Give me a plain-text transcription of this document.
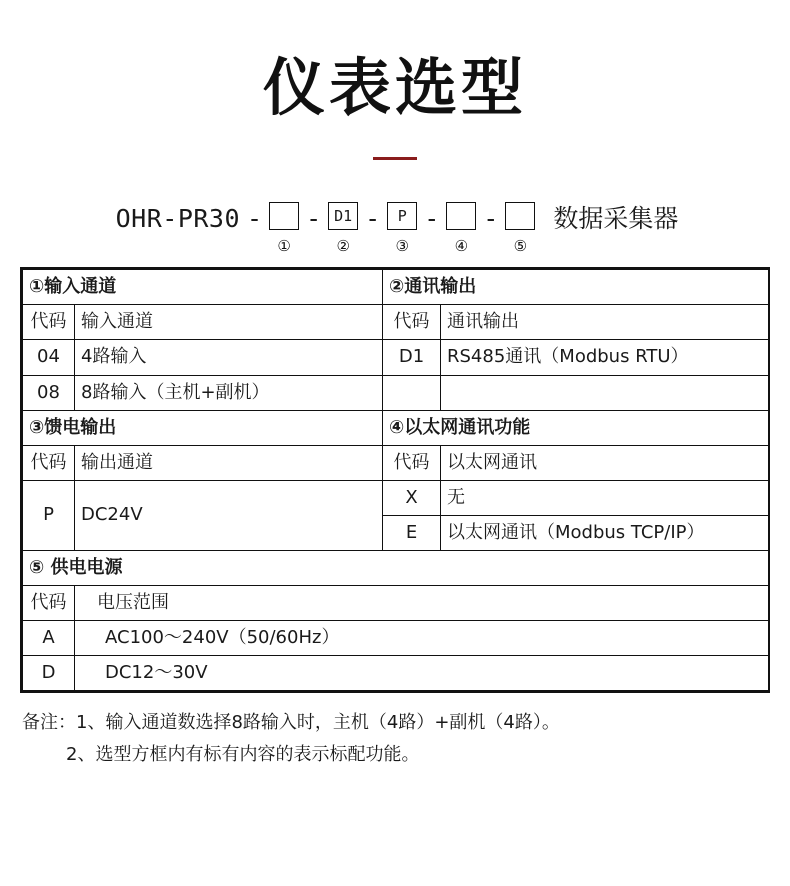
仪表选型
OHR-PR30 -
①
- D1
②
-	P
③
-
④
-
⑤
数据采集器
①输入通道		②通讯输出	
代码	输入通道	代码	通讯输出
04	4路输入	D1	RS485通讯（Modbus RTU）
08	8路输入（主机+副机）		
③馈电输出		④以太网通讯功能	
代码	输出通道	代码	以太网通讯
P	DC24V	X	无
		E	以太网通讯（Modbus TCP/IP）
⑤ 供电电源			
代码	电压范围		
A	AC100～240V（50/60Hz）		
D	DC12～30V		
备注：1、输入通道数选择8路输入时，主机（4路）+副机（4路）。
2、选型方框内有标有内容的表示标配功能。
